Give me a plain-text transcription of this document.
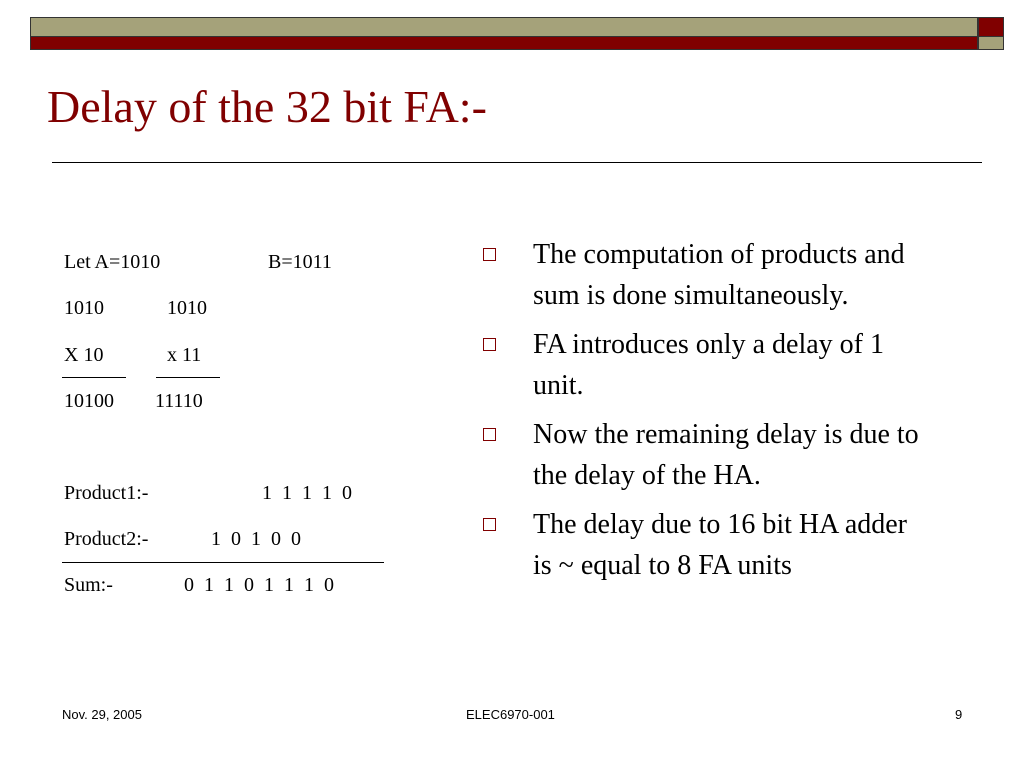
Delay of the 32 bit FA:-
Let A=1010	B=1011
1010	1010
X 10	x 11
10100 11110
Product1:-	1 1 1 1 0
Product2:-	1 0 1 0 0
Sum:-	0 1 1 0 1 1 1 0
The computation of products and sum is done simultaneously.
FA introduces only a delay of 1 unit.
Now the remaining delay is due to the delay of the HA.
The delay due to 16 bit HA adder is ~ equal to 8 FA units
Nov. 29, 2005	ELEC6970-001	9
